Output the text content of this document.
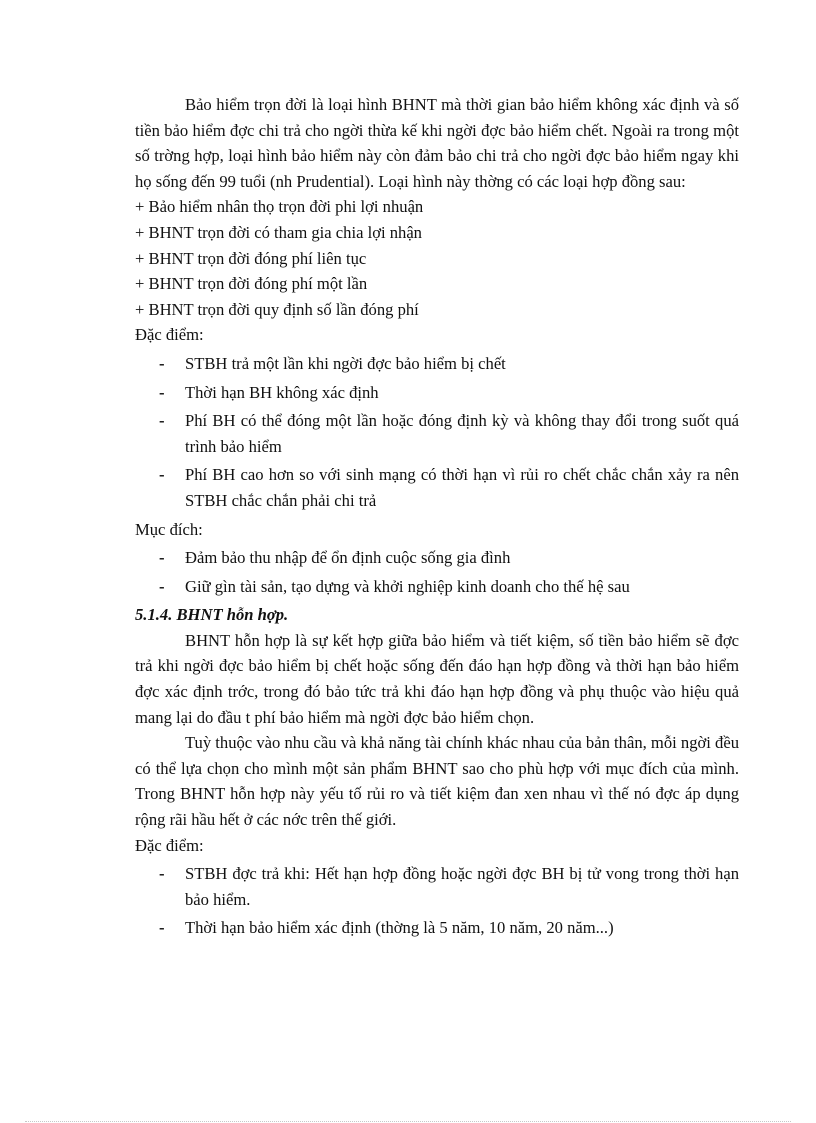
Bảo hiểm trọn đời là loại hình BHNT mà thời gian bảo hiểm không xác định và số tiền bảo hiểm đợc chi trả cho ngời thừa kế khi ngời đợc bảo hiểm chết. Ngoài ra trong một số trờng hợp, loại hình bảo hiểm này còn đảm bảo chi trả cho ngời đợc bảo hiểm ngay khi họ sống đến 99 tuổi (nh Prudential). Loại hình này thờng có các loại hợp đồng sau:

+ Bảo hiểm nhân thọ trọn đời phi lợi nhuận
+ BHNT trọn đời có tham gia chia lợi nhận
+ BHNT trọn đời đóng phí liên tục
+ BHNT trọn đời đóng phí một lần
+ BHNT trọn đời quy định số lần đóng phí
Đặc điểm:
- STBH trả một lần khi ngời đợc bảo hiểm bị chết
- Thời hạn BH không xác định
- Phí BH có thể đóng một lần hoặc đóng định kỳ và không thay đổi trong suốt quá trình bảo hiểm
- Phí BH cao hơn so với sinh mạng có thời hạn vì rủi ro chết chắc chắn xảy ra nên STBH chắc chắn phải chi trả
Mục đích:
- Đảm bảo thu nhập để ổn định cuộc sống gia đình
- Giữ gìn tài sản, tạo dựng và khởi nghiệp kinh doanh cho thế hệ sau
5.1.4. BHNT hỗn hợp.

BHNT hỗn hợp là sự kết hợp giữa bảo hiểm và tiết kiệm, số tiền bảo hiểm sẽ đợc trả khi ngời đợc bảo hiểm bị chết hoặc sống đến đáo hạn hợp đồng và thời hạn bảo hiểm đợc xác định trớc, trong đó bảo tức trả khi đáo hạn hợp đồng và phụ thuộc vào hiệu quả mang lại do đầu t phí bảo hiểm mà ngời đợc bảo hiểm chọn.

Tuỳ thuộc vào nhu cầu và khả năng tài chính khác nhau của bản thân, mỗi ngời đều có thể lựa chọn cho mình một sản phẩm BHNT sao cho phù hợp với mục đích của mình. Trong BHNT hỗn hợp này yếu tố rủi ro và tiết kiệm đan xen nhau vì thế nó đợc áp dụng rộng rãi hầu hết ở các nớc trên thế giới.

Đặc điểm:
- STBH đợc trả khi: Hết hạn hợp đồng hoặc ngời đợc BH bị tử vong trong thời hạn bảo hiểm.
- Thời hạn bảo hiểm xác định (thờng là 5 năm, 10 năm, 20 năm...)
